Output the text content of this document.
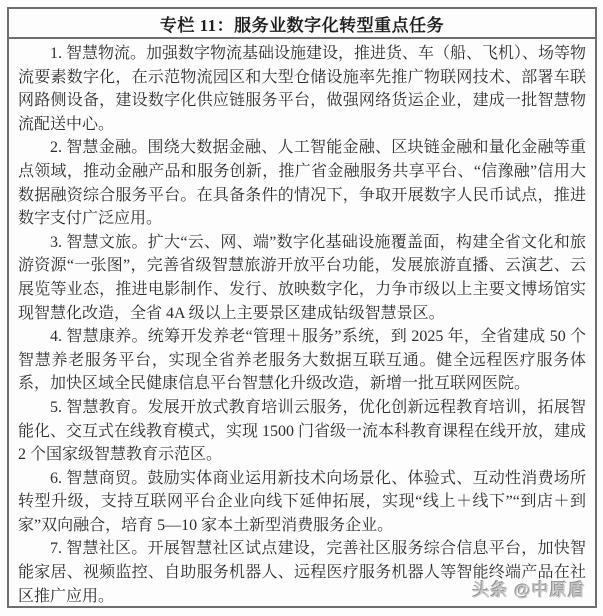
专栏 11：服务业数字化转型重点任务

1. 智慧物流。加强数字物流基础设施建设，推进货、车（船、飞机）、场等物流要素数字化，在示范物流园区和大型仓储设施率先推广物联网技术、部署车联网路侧设备，建设数字化供应链服务平台，做强网络货运企业，建成一批智慧物流配送中心。

2. 智慧金融。围绕大数据金融、人工智能金融、区块链金融和量化金融等重点领域，推动金融产品和服务创新，推广省金融服务共享平台、“信豫融”信用大数据融资综合服务平台。在具备条件的情况下，争取开展数字人民币试点，推进数字支付广泛应用。

3. 智慧文旅。扩大“云、网、端”数字化基础设施覆盖面，构建全省文化和旅游资源“一张图”，完善省级智慧旅游开放平台功能，发展旅游直播、云演艺、云展览等业态，推进电影制作、发行、放映数字化，力争市级以上主要文博场馆实现智慧化改造，全省 4A 级以上主要景区建成钻级智慧景区。

4. 智慧康养。统筹开发养老“管理＋服务”系统，到 2025 年，全省建成 50 个智慧养老服务平台，实现全省养老服务大数据互联互通。健全远程医疗服务体系，加快区域全民健康信息平台智慧化升级改造，新增一批互联网医院。

5. 智慧教育。发展开放式教育培训云服务，优化创新远程教育培训，拓展智能化、交互式在线教育模式，实现 1500 门省级一流本科教育课程在线开放，建成 2 个国家级智慧教育示范区。

6. 智慧商贸。鼓励实体商业运用新技术向场景化、体验式、互动性消费场所转型升级，支持互联网平台企业向线下延伸拓展，实现“线上＋线下”“到店＋到家”双向融合，培育 5—10 家本土新型消费服务企业。

7. 智慧社区。开展智慧社区试点建设，完善社区服务综合信息平台，加快智能家居、视频监控、自助服务机器人、远程医疗服务机器人等智能终端产品在社区推广应用。	头条 @中原盾
